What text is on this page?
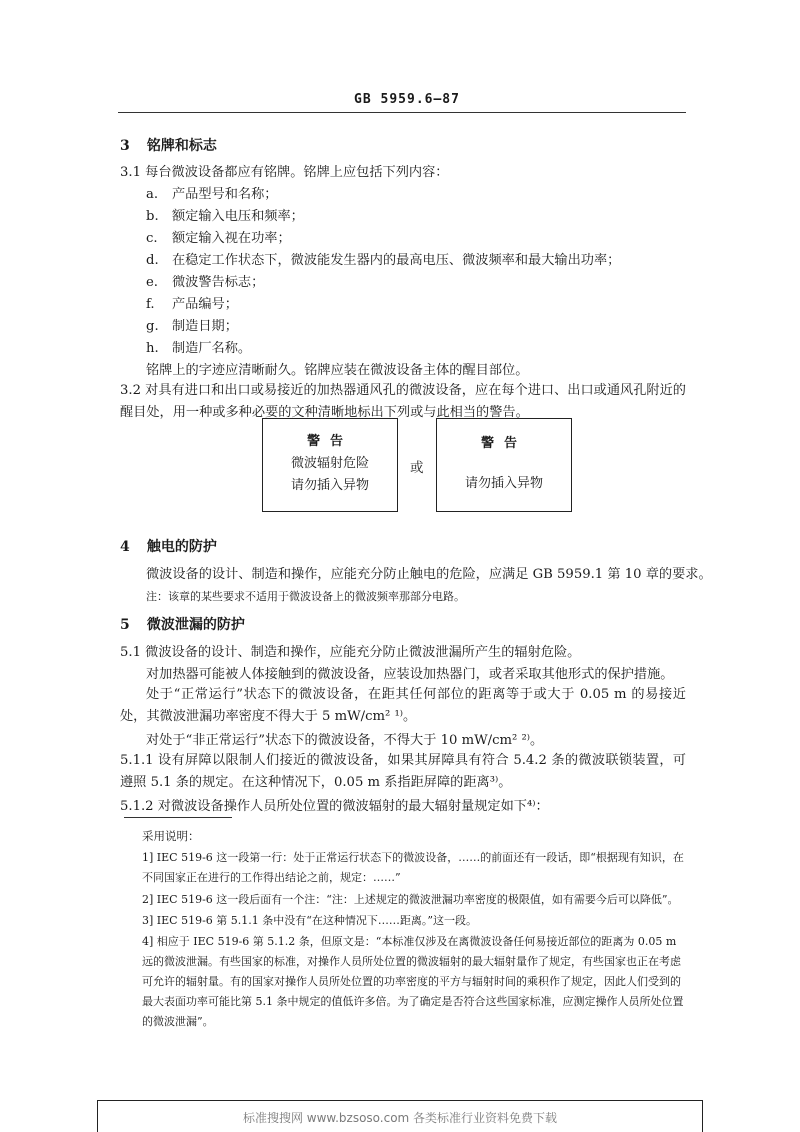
GB 5959.6—87
3 铭牌和标志
3.1 每台微波设备都应有铭牌。铭牌上应包括下列内容：
a. 产品型号和名称；
b. 额定输入电压和频率；
c. 额定输入视在功率；
d. 在稳定工作状态下，微波能发生器内的最高电压、微波频率和最大输出功率；
e. 微波警告标志；
f. 产品编号；
g. 制造日期；
h. 制造厂名称。
铭牌上的字迹应清晰耐久。铭牌应装在微波设备主体的醒目部位。
3.2 对具有进口和出口或易接近的加热器通风孔的微波设备，应在每个进口、出口或通风孔附近的醒目处，用一种或多种必要的文种清晰地标出下列或与此相当的警告。
警告
微波辐射危险
请勿插入异物
或
警告
请勿插入异物
4 触电的防护
微波设备的设计、制造和操作，应能充分防止触电的危险，应满足 GB 5959.1 第 10 章的要求。
注：该章的某些要求不适用于微波设备上的微波频率那部分电路。
5 微波泄漏的防护
5.1 微波设备的设计、制造和操作，应能充分防止微波泄漏所产生的辐射危险。
对加热器可能被人体接触到的微波设备，应装设加热器门，或者采取其他形式的保护措施。
处于“正常运行”状态下的微波设备，在距其任何部位的距离等于或大于 0.05 m 的易接近处，其微波泄漏功率密度不得大于 5 mW/cm² ¹⁾。
对处于“非正常运行”状态下的微波设备，不得大于 10 mW/cm² ²⁾。
5.1.1 设有屏障以限制人们接近的微波设备，如果其屏障具有符合 5.4.2 条的微波联锁装置，可遵照 5.1 条的规定。在这种情况下，0.05 m 系指距屏障的距离³⁾。
5.1.2 对微波设备操作人员所处位置的微波辐射的最大辐射量规定如下⁴⁾：
采用说明：
1] IEC 519-6 这一段第一行：处于正常运行状态下的微波设备，……的前面还有一段话，即“根据现有知识，在不同国家正在进行的工作得出结论之前，规定：……”
2] IEC 519-6 这一段后面有一个注：“注：上述规定的微波泄漏功率密度的极限值，如有需要今后可以降低”。
3] IEC 519-6 第 5.1.1 条中没有“在这种情况下……距离。”这一段。
4] 相应于 IEC 519-6 第 5.1.2 条，但原文是：“本标准仅涉及在离微波设备任何易接近部位的距离为 0.05 m 远的微波泄漏。有些国家的标准，对操作人员所处位置的微波辐射的最大辐射量作了规定，有些国家也正在考虑可允许的辐射量。有的国家对操作人员所处位置的功率密度的平方与辐射时间的乘积作了规定，因此人们受到的最大表面功率可能比第 5.1 条中规定的值低许多倍。为了确定是否符合这些国家标准，应测定操作人员所处位置的微波泄漏”。
标准搜搜网 www.bzsoso.com 各类标准行业资料免费下载
